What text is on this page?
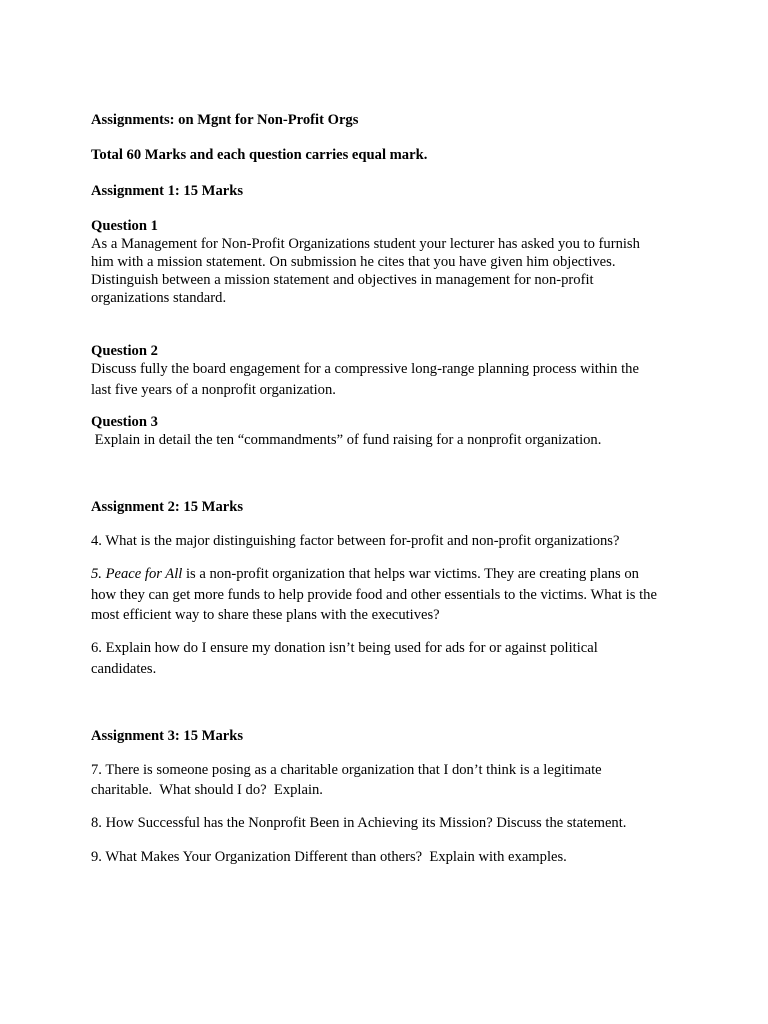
Assignments: on Mgnt for Non-Profit Orgs
Total 60 Marks and each question carries equal mark.
Assignment 1: 15 Marks
Question 1
As a Management for Non-Profit Organizations student your lecturer has asked you to furnish
him with a mission statement. On submission he cites that you have given him objectives.
Distinguish between a mission statement and objectives in management for non-profit
organizations standard.
Question 2
Discuss fully the board engagement for a compressive long-range planning process within the
last five years of a nonprofit organization.
Question 3
Explain in detail the ten “commandments” of fund raising for a nonprofit organization.
Assignment 2: 15 Marks
4. What is the major distinguishing factor between for-profit and non-profit organizations?
5. Peace for All is a non-profit organization that helps war victims. They are creating plans on
how they can get more funds to help provide food and other essentials to the victims. What is the
most efficient way to share these plans with the executives?
6. Explain how do I ensure my donation isn’t being used for ads for or against political
candidates.
Assignment 3: 15 Marks
7. There is someone posing as a charitable organization that I don’t think is a legitimate
charitable.  What should I do?  Explain.
8. How Successful has the Nonprofit Been in Achieving its Mission? Discuss the statement.
9. What Makes Your Organization Different than others?  Explain with examples.
